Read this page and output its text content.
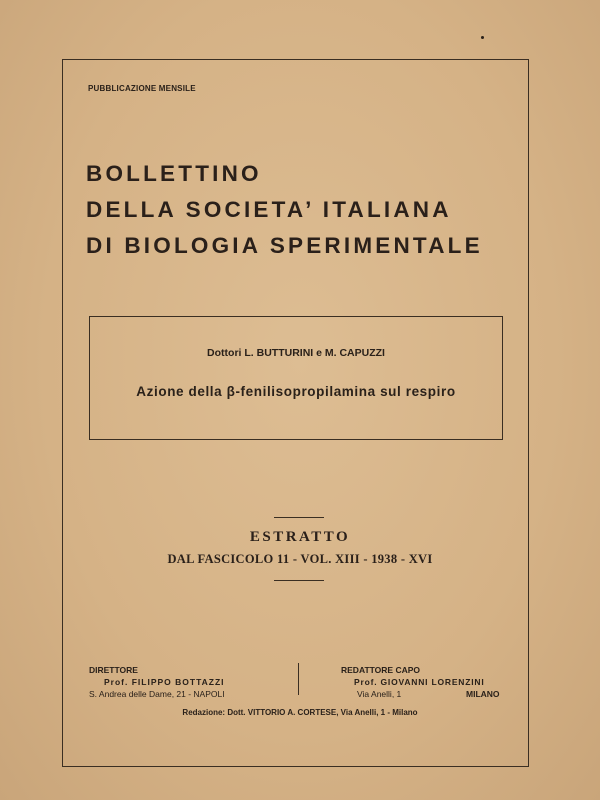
PUBBLICAZIONE MENSILE
BOLLETTINO
DELLA SOCIETA’ ITALIANA
DI BIOLOGIA SPERIMENTALE
Dottori L. BUTTURINI e M. CAPUZZI
Azione della β-fenilisopropilamina sul respiro
ESTRATTO
DAL FASCICOLO 11 - VOL. XIII - 1938 - XVI
DIRETTORE
Prof. FILIPPO BOTTAZZI
S. Andrea delle Dame, 21 - NAPOLI
REDATTORE CAPO
Prof. GIOVANNI LORENZINI
Via Anelli, 1	MILANO
Redazione: Dott. VITTORIO A. CORTESE, Via Anelli, 1 - Milano
